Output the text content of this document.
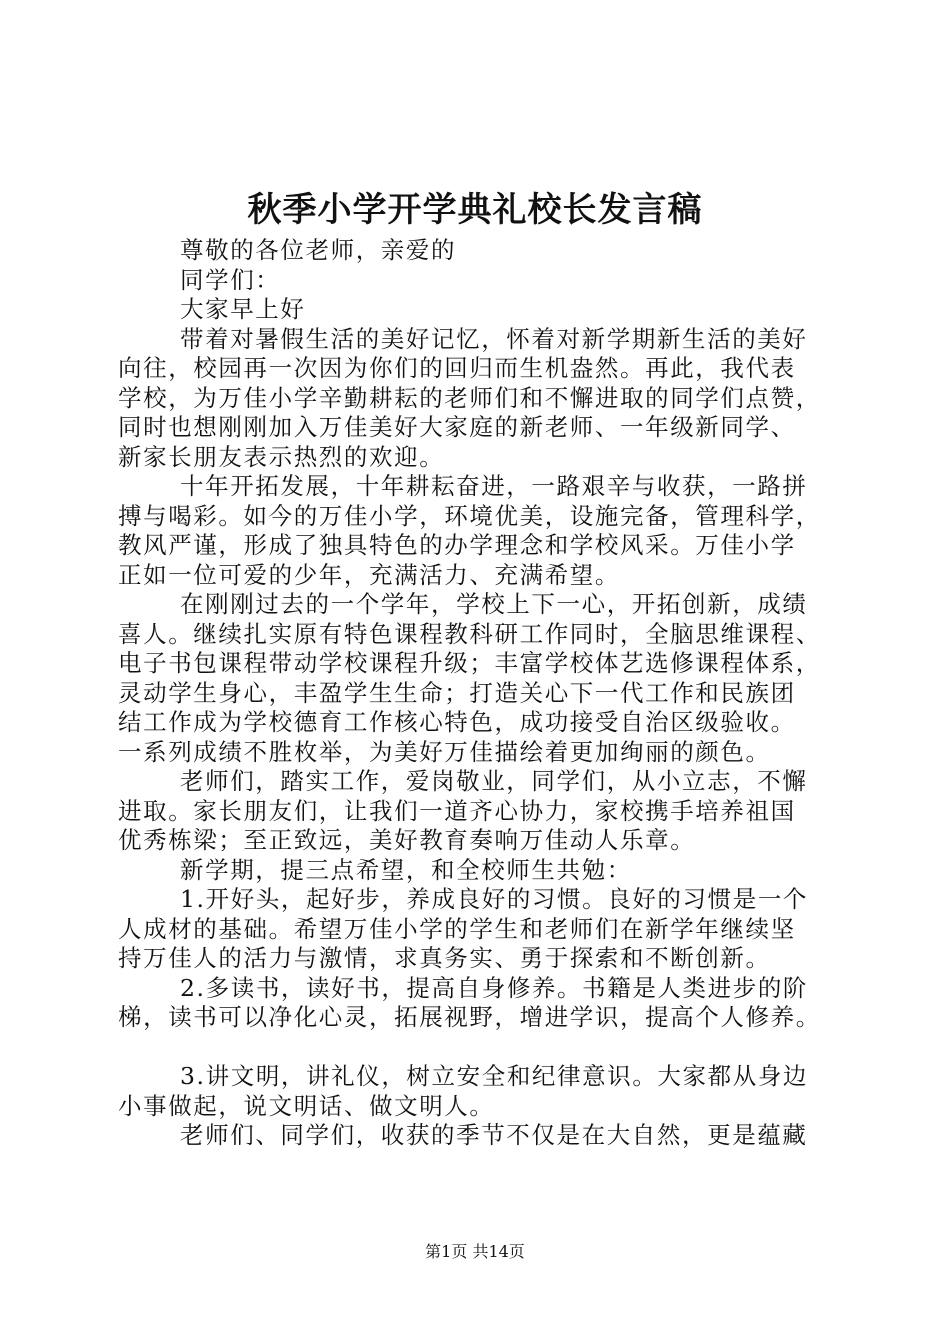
秋季小学开学典礼校长发言稿
尊敬的各位老师，亲爱的
同学们：
大家早上好
带着对暑假生活的美好记忆，怀着对新学期新生活的美好
向往，校园再一次因为你们的回归而生机盎然。再此，我代表
学校，为万佳小学辛勤耕耘的老师们和不懈进取的同学们点赞，
同时也想刚刚加入万佳美好大家庭的新老师、一年级新同学、
新家长朋友表示热烈的欢迎。
十年开拓发展，十年耕耘奋进，一路艰辛与收获，一路拼
搏与喝彩。如今的万佳小学，环境优美，设施完备，管理科学，
教风严谨，形成了独具特色的办学理念和学校风采。万佳小学
正如一位可爱的少年，充满活力、充满希望。
在刚刚过去的一个学年，学校上下一心，开拓创新，成绩
喜人。继续扎实原有特色课程教科研工作同时，全脑思维课程、
电子书包课程带动学校课程升级；丰富学校体艺选修课程体系，
灵动学生身心，丰盈学生生命；打造关心下一代工作和民族团
结工作成为学校德育工作核心特色，成功接受自治区级验收。
一系列成绩不胜枚举，为美好万佳描绘着更加绚丽的颜色。
老师们，踏实工作，爱岗敬业，同学们，从小立志，不懈
进取。家长朋友们，让我们一道齐心协力，家校携手培养祖国
优秀栋梁；至正致远，美好教育奏响万佳动人乐章。
新学期，提三点希望，和全校师生共勉：
1.开好头，起好步，养成良好的习惯。良好的习惯是一个
人成材的基础。希望万佳小学的学生和老师们在新学年继续坚
持万佳人的活力与激情，求真务实、勇于探索和不断创新。
2.多读书，读好书，提高自身修养。书籍是人类进步的阶
梯，读书可以净化心灵，拓展视野，增进学识，提高个人修养。
3.讲文明，讲礼仪，树立安全和纪律意识。大家都从身边
小事做起，说文明话、做文明人。
老师们、同学们，收获的季节不仅是在大自然，更是蕴藏
第1页 共14页
